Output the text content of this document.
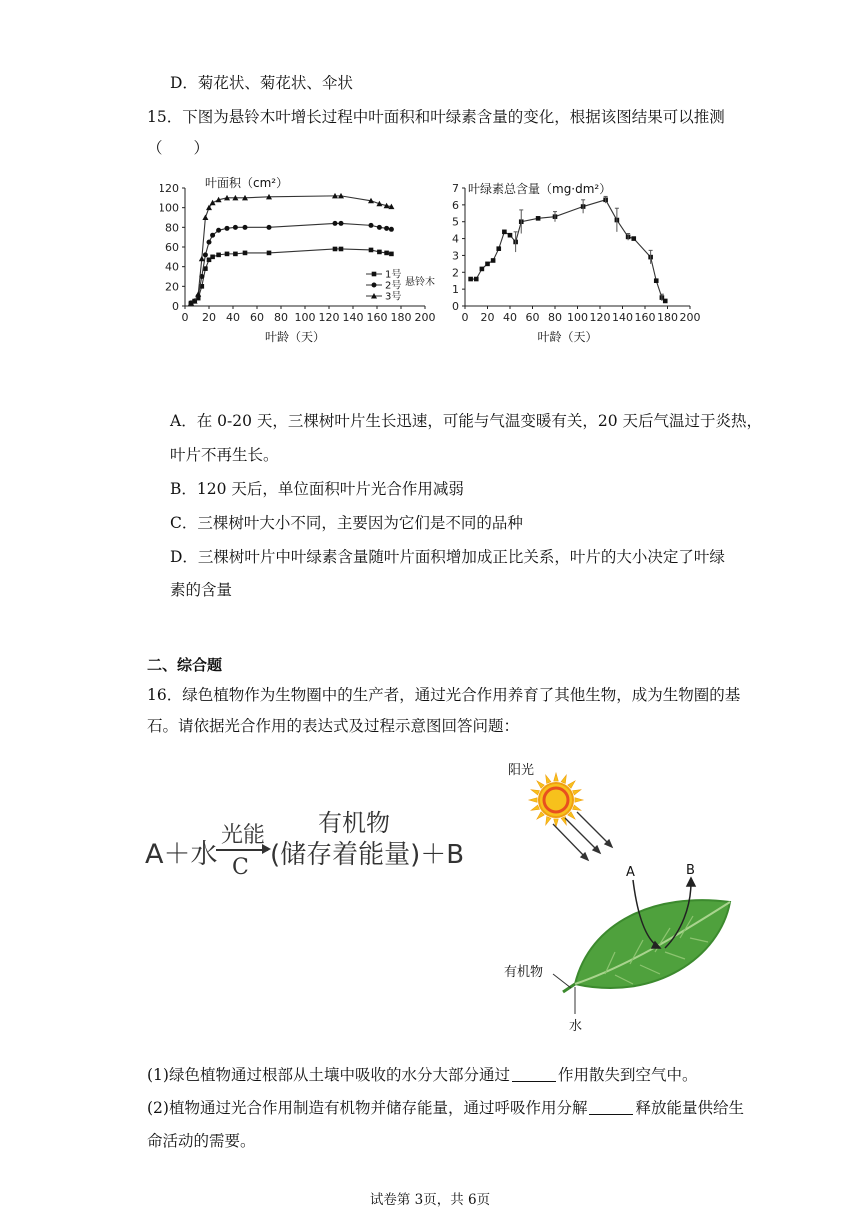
D．菊花状、菊花状、伞状
15．下图为悬铃木叶增长过程中叶面积和叶绿素含量的变化，根据该图结果可以推测
（　　）
叶面积（cm²）
0 20 40 60 80 100 120 140 160 180 200
0
20
40
60
80
100
120
叶龄（天）
1号
2号
3号
悬铃木
叶绿素总含量（mg·dm²）
0 20 40 60 80 100 120 140 160 180 200
0
1
2
3
4
5
6
7
叶龄（天）
A．在 0-20 天，三棵树叶片生长迅速，可能与气温变暖有关，20 天后气温过于炎热，
叶片不再生长。
B．120 天后，单位面积叶片光合作用减弱
C．三棵树叶大小不同，主要因为它们是不同的品种
D．三棵树叶片中叶绿素含量随叶片面积增加成正比关系，叶片的大小决定了叶绿
素的含量
二、综合题
16．绿色植物作为生物圈中的生产者，通过光合作用养育了其他生物，成为生物圈的基
石。请依据光合作用的表达式及过程示意图回答问题：
A＋水
光能
C
有机物
(储存着能量)＋B
阳光
A	B
有机物
水
(1)绿色植物通过根部从土壤中吸收的水分大部分通过	作用散失到空气中。
(2)植物通过光合作用制造有机物并储存能量，通过呼吸作用分解	释放能量供给生
命活动的需要。
试卷第 3页，共 6页
